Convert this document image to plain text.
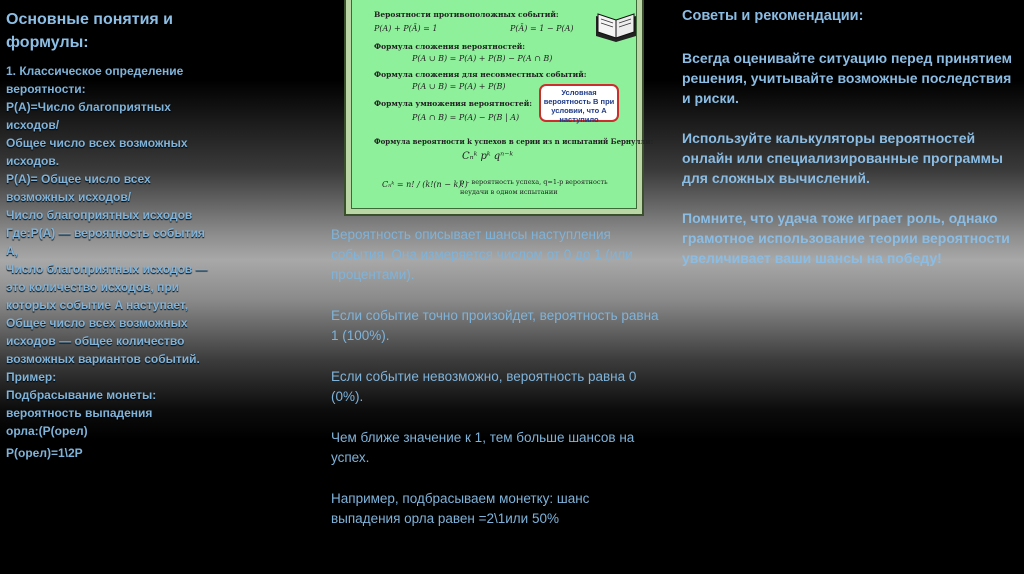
Основные понятия и формулы:
1. Классическое определение
вероятности:
P(A)=Число благоприятных
исходов/
Общее число всех возможных
исходов.
P(A)= Общее число всех
возможных исходов/
Число благоприятных исходов
Где:P(A) — вероятность события
A,
Число благоприятных исходов —
это количество исходов, при
которых событие A наступает,
Общее число всех возможных
исходов — общее количество
возможных вариантов событий.
Пример:
Подбрасывание монеты:
вероятность выпадения
орла:(P(орел)
P(орел)=1\2P
Вероятности противоположных событий:
P(A) + P(Ā) = 1	P(Ā) = 1 − P(A)
Формула сложения вероятностей:
P(A ∪ B) = P(A) + P(B) − P(A ∩ B)
Формула сложения для несовместных событий:
P(A ∪ B) = P(A) + P(B)
Формула умножения вероятностей:
P(A ∩ B) = P(A) − P(B | A)
Условная вероятность B при условии, что A наступило
Формула вероятности k успехов в серии из n испытаний Бернулли:
Cₙᵏ pᵏ qⁿ⁻ᵏ
Cₙᵏ = n! / (k!(n − k)!)
p – вероятность успеха, q=1-p вероятность
неудачи в одном испытании

Вероятность описывает шансы наступления события. Она измеряется числом от 0 до 1 (или процентами).

Если событие точно произойдет, вероятность равна 1 (100%).

Если событие невозможно, вероятность равна 0 (0%).

Чем ближе значение к 1, тем больше шансов на успех.

Например, подбрасываем монетку: шанс выпадения орла равен =2\1или 50%

Советы и рекомендации:

Всегда оценивайте ситуацию перед принятием решения, учитывайте возможные последствия и риски.

Используйте калькуляторы вероятностей онлайн или специализированные программы для сложных вычислений.

Помните, что удача тоже играет роль, однако грамотное использование теории вероятности увеличивает ваши шансы на победу!
